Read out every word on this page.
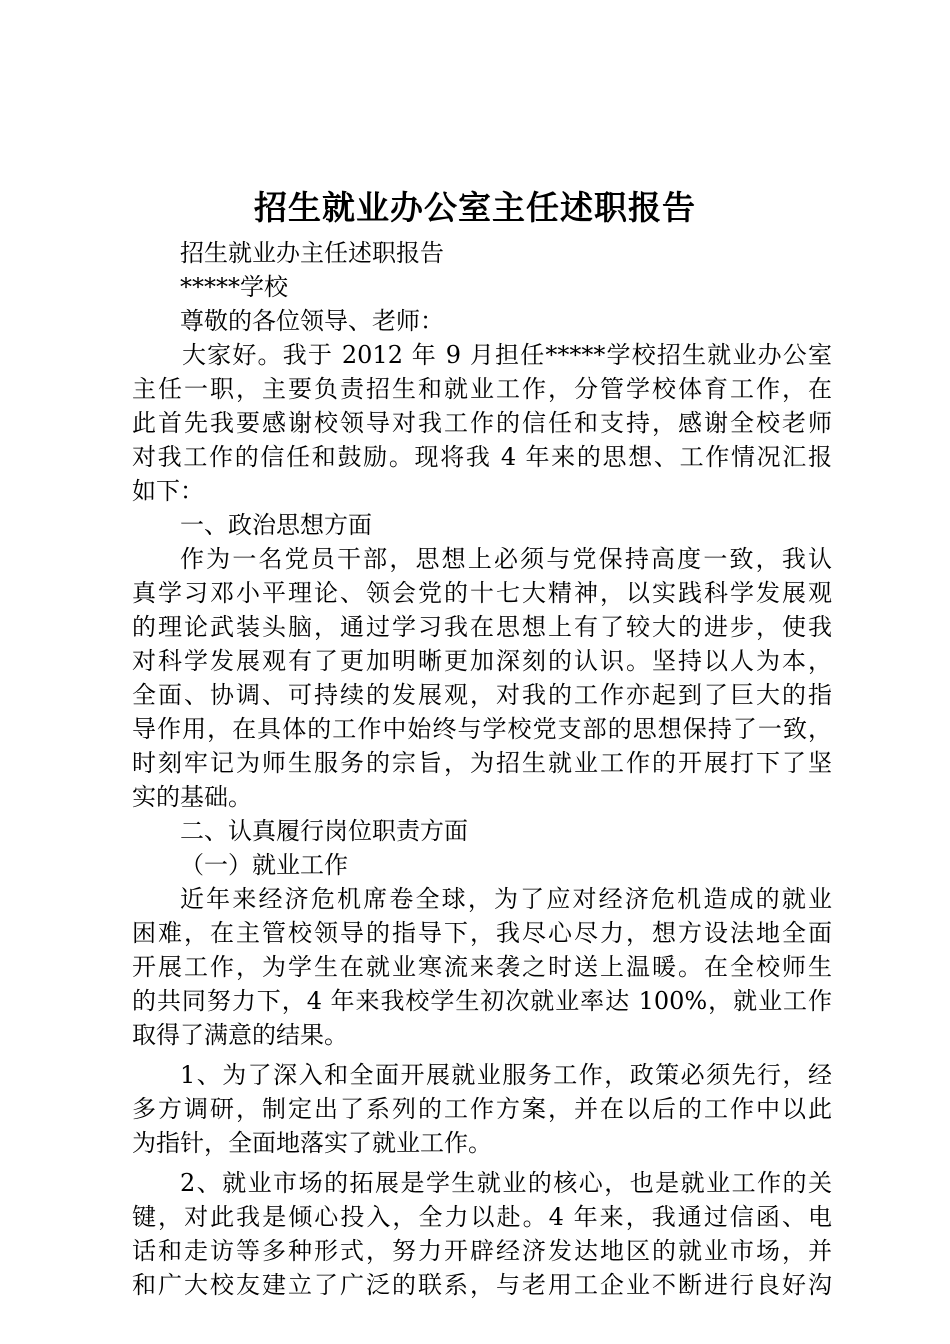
招生就业办公室主任述职报告
招生就业办主任述职报告
*****学校
尊敬的各位领导、老师：
大家好。我于 2012 年 9 月担任*****学校招生就业办公室
主任一职，主要负责招生和就业工作，分管学校体育工作，在
此首先我要感谢校领导对我工作的信任和支持，感谢全校老师
对我工作的信任和鼓励。现将我 4 年来的思想、工作情况汇报
如下：
一、政治思想方面
作为一名党员干部，思想上必须与党保持高度一致，我认
真学习邓小平理论、领会党的十七大精神，以实践科学发展观
的理论武装头脑，通过学习我在思想上有了较大的进步，使我
对科学发展观有了更加明晰更加深刻的认识。坚持以人为本，
全面、协调、可持续的发展观，对我的工作亦起到了巨大的指
导作用，在具体的工作中始终与学校党支部的思想保持了一致，
时刻牢记为师生服务的宗旨，为招生就业工作的开展打下了坚
实的基础。
二、认真履行岗位职责方面
（一）就业工作
近年来经济危机席卷全球，为了应对经济危机造成的就业
困难，在主管校领导的指导下，我尽心尽力，想方设法地全面
开展工作，为学生在就业寒流来袭之时送上温暖。在全校师生
的共同努力下，4 年来我校学生初次就业率达 100%，就业工作
取得了满意的结果。
1、为了深入和全面开展就业服务工作，政策必须先行，经
多方调研，制定出了系列的工作方案，并在以后的工作中以此
为指针，全面地落实了就业工作。
2、就业市场的拓展是学生就业的核心，也是就业工作的关
键，对此我是倾心投入，全力以赴。4 年来，我通过信函、电
话和走访等多种形式，努力开辟经济发达地区的就业市场，并
和广大校友建立了广泛的联系，与老用工企业不断进行良好沟
